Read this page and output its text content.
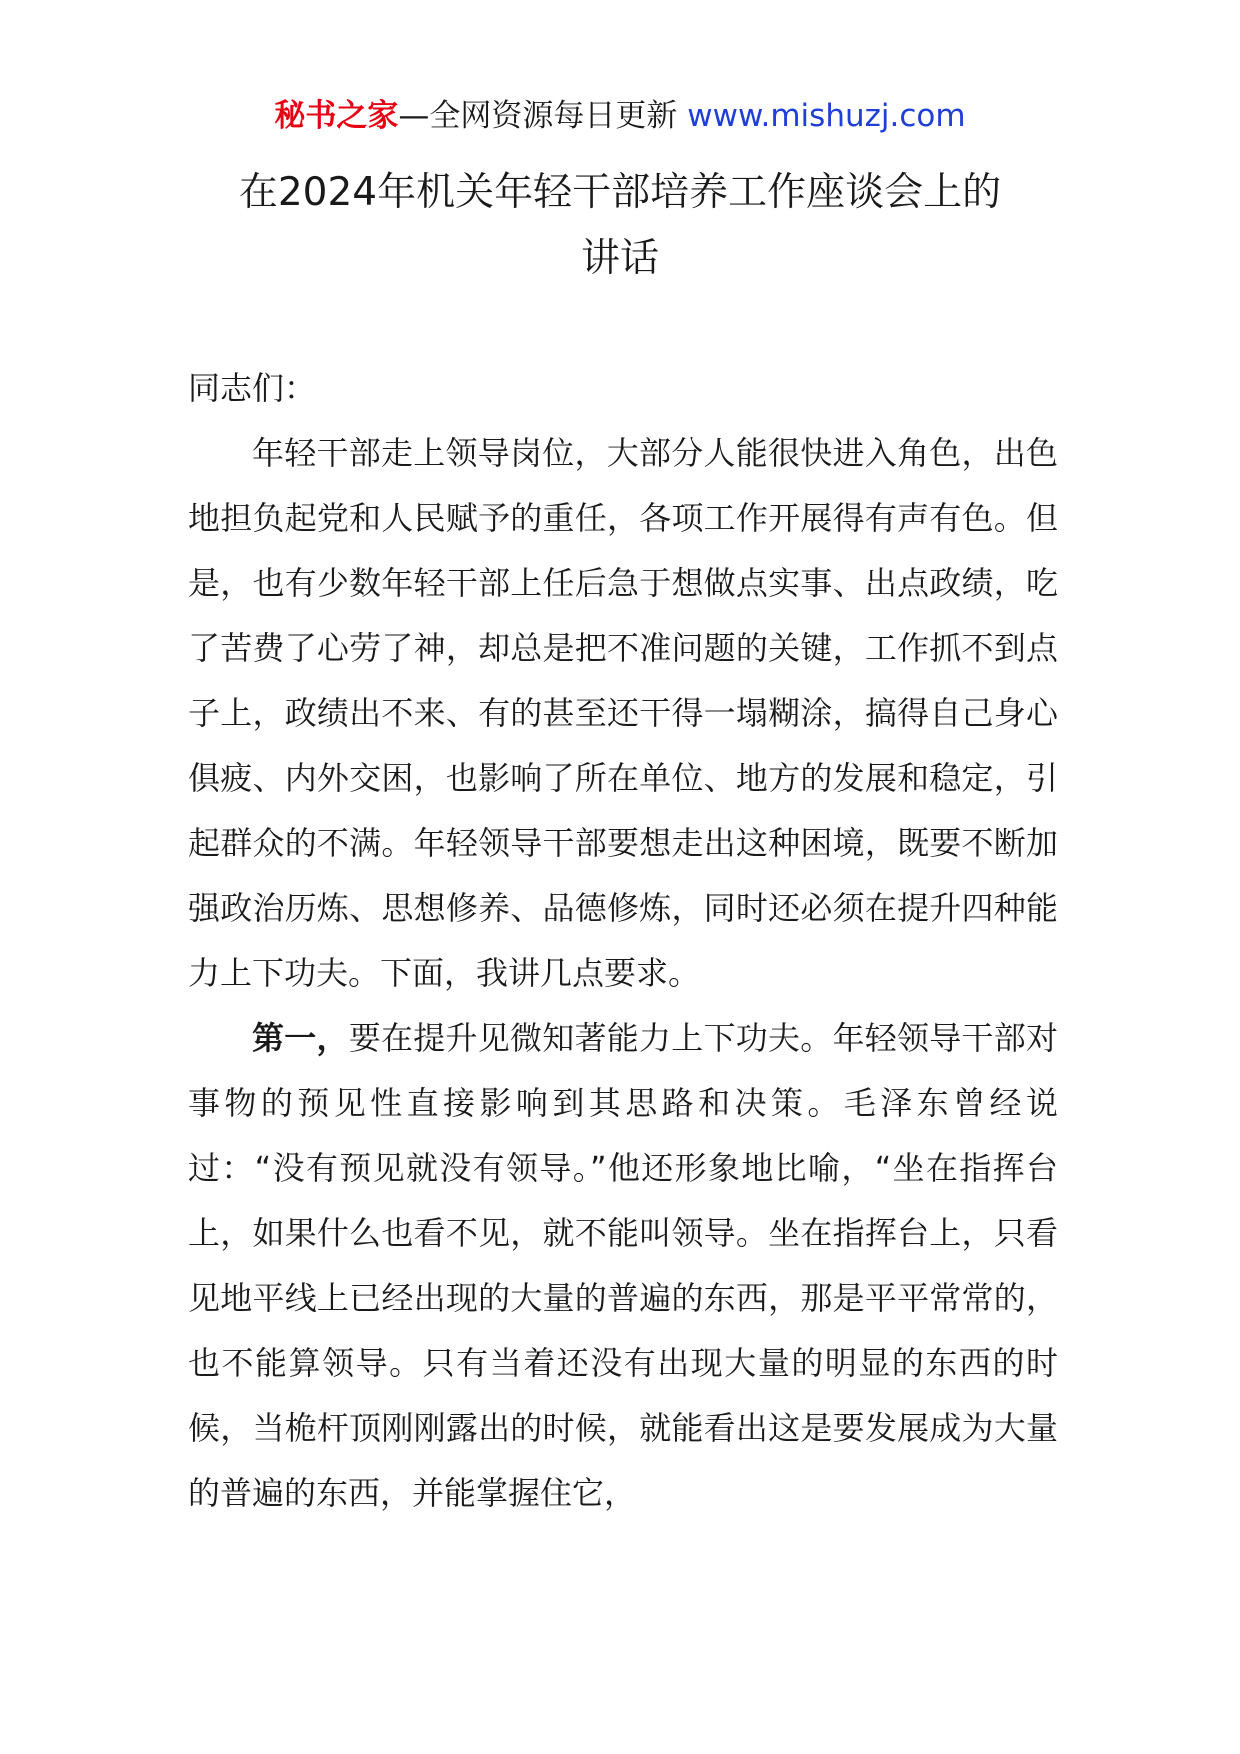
秘书之家—全网资源每日更新 www.mishuzj.com
在2024年机关年轻干部培养工作座谈会上的
讲话

同志们：

年轻干部走上领导岗位，大部分人能很快进入角色，出色地担负起党和人民赋予的重任，各项工作开展得有声有色。但是，也有少数年轻干部上任后急于想做点实事、出点政绩，吃了苦费了心劳了神，却总是把不准问题的关键，工作抓不到点子上，政绩出不来、有的甚至还干得一塌糊涂，搞得自己身心俱疲、内外交困，也影响了所在单位、地方的发展和稳定，引起群众的不满。年轻领导干部要想走出这种困境，既要不断加强政治历炼、思想修养、品德修炼，同时还必须在提升四种能力上下功夫。下面，我讲几点要求。

第一，要在提升见微知著能力上下功夫。年轻领导干部对事物的预见性直接影响到其思路和决策。毛泽东曾经说过：“没有预见就没有领导。”他还形象地比喻，“坐在指挥台上，如果什么也看不见，就不能叫领导。坐在指挥台上，只看见地平线上已经出现的大量的普遍的东西，那是平平常常的，也不能算领导。只有当着还没有出现大量的明显的东西的时候，当桅杆顶刚刚露出的时候，就能看出这是要发展成为大量的普遍的东西，并能掌握住它，
